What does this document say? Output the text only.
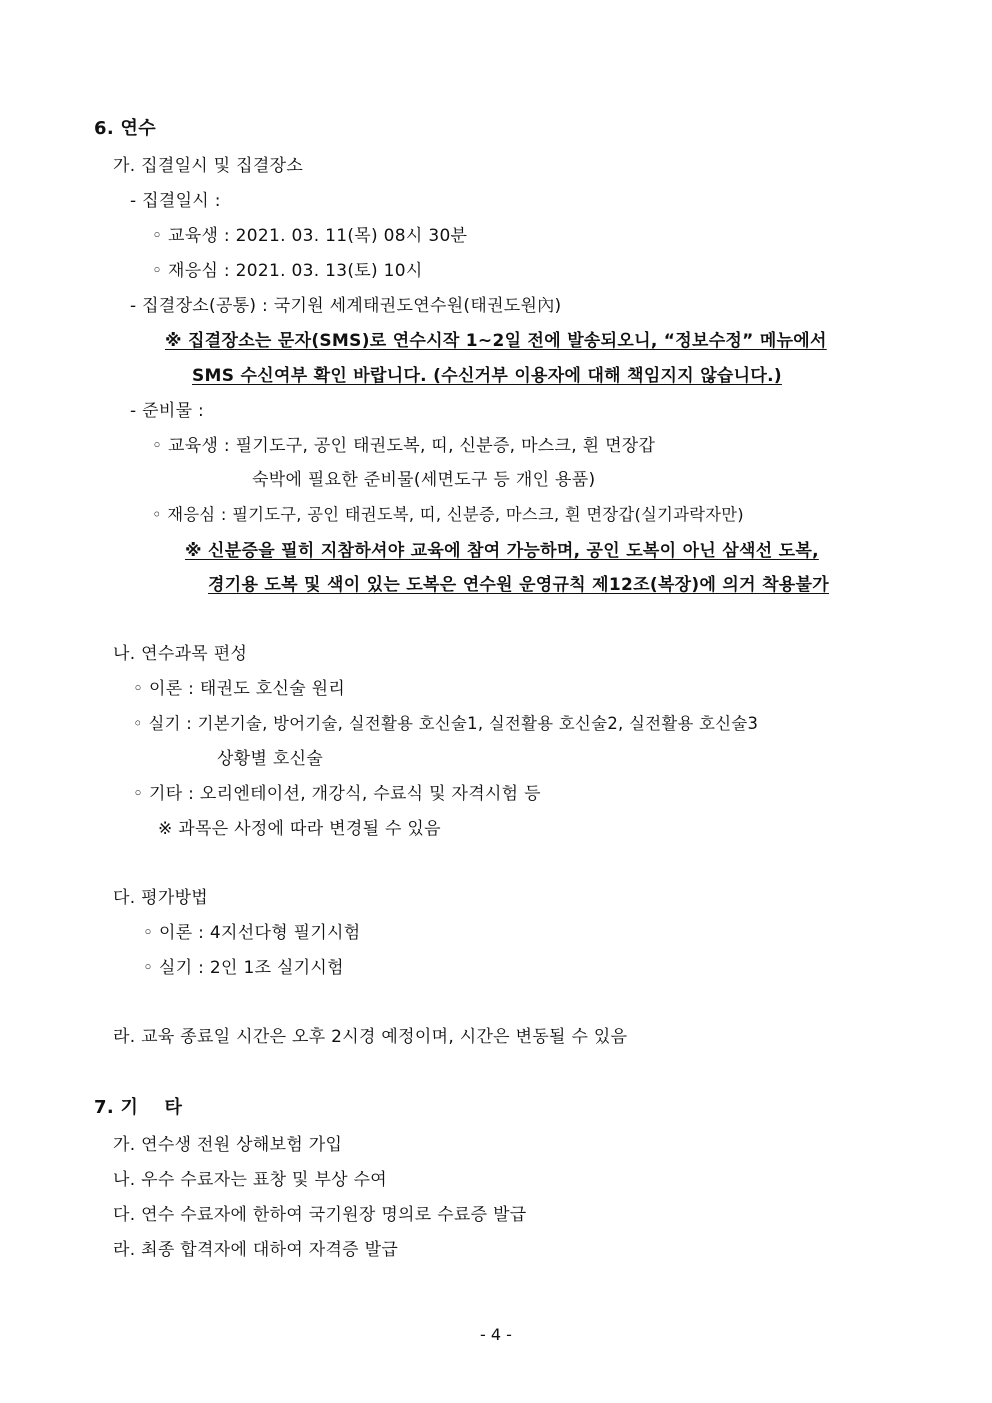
6. 연수
가. 집결일시 및 집결장소
- 집결일시 :
◦ 교육생 : 2021. 03. 11(목) 08시 30분
◦ 재응심 : 2021. 03. 13(토) 10시
- 집결장소(공통) : 국기원 세계태권도연수원(태권도원內)
※ 집결장소는 문자(SMS)로 연수시작 1~2일 전에 발송되오니, “정보수정” 메뉴에서
SMS 수신여부 확인 바랍니다. (수신거부 이용자에 대해 책임지지 않습니다.)
- 준비물 :
◦ 교육생 : 필기도구, 공인 태권도복, 띠, 신분증, 마스크, 흰 면장갑
숙박에 필요한 준비물(세면도구 등 개인 용품)
◦ 재응심 : 필기도구, 공인 태권도복, 띠, 신분증, 마스크, 흰 면장갑(실기과락자만)
※ 신분증을 필히 지참하셔야 교육에 참여 가능하며, 공인 도복이 아닌 삼색선 도복,
경기용 도복 및 색이 있는 도복은 연수원 운영규칙 제12조(복장)에 의거 착용불가
나. 연수과목 편성
◦ 이론 : 태권도 호신술 원리
◦ 실기 : 기본기술, 방어기술, 실전활용 호신술1, 실전활용 호신술2, 실전활용 호신술3
상황별 호신술
◦ 기타 : 오리엔테이션, 개강식, 수료식 및 자격시험 등
※ 과목은 사정에 따라 변경될 수 있음
다. 평가방법
◦ 이론 : 4지선다형 필기시험
◦ 실기 : 2인 1조 실기시험
라. 교육 종료일 시간은 오후 2시경 예정이며, 시간은 변동될 수 있음
7. 기    타
가. 연수생 전원 상해보험 가입
나. 우수 수료자는 표창 및 부상 수여
다. 연수 수료자에 한하여 국기원장 명의로 수료증 발급
라. 최종 합격자에 대하여 자격증 발급
- 4 -
